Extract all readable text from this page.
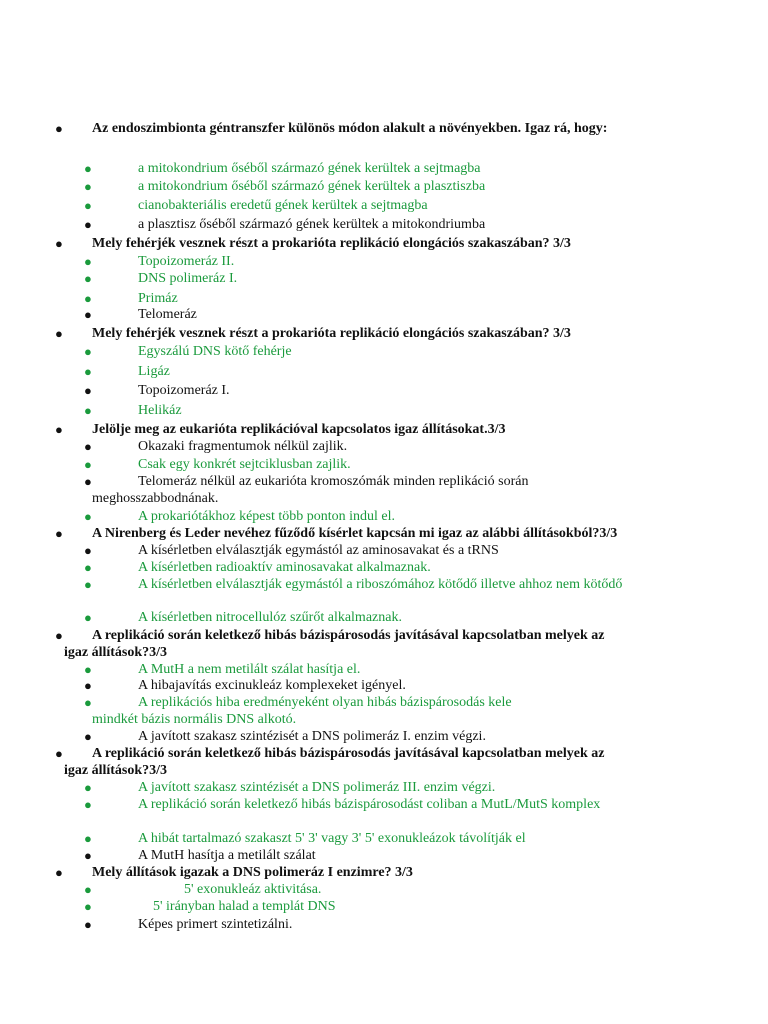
● Az endoszimbionta géntranszfer különös módon alakult a növényekben. Igaz rá, hogy:
●	a mitokondrium őséből származó gének kerültek a sejtmagba
●	a mitokondrium őséből származó gének kerültek a plasztiszba
●	cianobakteriális eredetű gének kerültek a sejtmagba
●	a plasztisz őséből származó gének kerültek a mitokondriumba
● Mely fehérjék vesznek részt a prokarióta replikáció elongációs szakaszában? 3/3
●	Topoizomeráz II.
●	DNS polimeráz I.
●	Primáz
●	Telomeráz
● Mely fehérjék vesznek részt a prokarióta replikáció elongációs szakaszában? 3/3
●	Egyszálú DNS kötő fehérje
●	Ligáz
●	Topoizomeráz I.
●	Helikáz
● Jelölje meg az eukarióta replikációval kapcsolatos igaz állításokat.3/3
●	Okazaki fragmentumok nélkül zajlik.
●	Csak egy konkrét sejtciklusban zajlik.
●	Telomeráz nélkül az eukarióta kromoszómák minden replikáció során
meghosszabbodnának.
●	A prokariótákhoz képest több ponton indul el.
● A Nirenberg és Leder nevéhez fűződő kísérlet kapcsán mi igaz az alábbi állításokból?3/3
●	A kísérletben elválasztják egymástól az aminosavakat és a tRNS
●	A kísérletben radioaktív aminosavakat alkalmaznak.
●	A kísérletben elválasztják egymástól a riboszómához kötődő illetve ahhoz nem kötődő
●	A kísérletben nitrocellulóz szűrőt alkalmaznak.
● A replikáció során keletkező hibás bázispárosodás javításával kapcsolatban melyek az
igaz állítások?3/3
●	A MutH a nem metilált szálat hasítja el.
●	A hibajavítás excinukleáz komplexeket igényel.
●	A replikációs hiba eredményeként olyan hibás bázispárosodás kele
mindkét bázis normális DNS alkotó.
●	A javított szakasz szintézisét a DNS polimeráz I. enzim végzi.
● A replikáció során keletkező hibás bázispárosodás javításával kapcsolatban melyek az
igaz állítások?3/3
●	A javított szakasz szintézisét a DNS polimeráz III. enzim végzi.
●	A replikáció során keletkező hibás bázispárosodást coliban a MutL/MutS komplex
●	A hibát tartalmazó szakaszt 5' 3' vagy 3' 5' exonukleázok távolítják el
●	A MutH hasítja a metilált szálat
● Mely állítások igazak a DNS polimeráz I enzimre? 3/3
●	5' exonukleáz aktivitása.
●	5' irányban halad a templát DNS
●	Képes primert szintetizálni.
